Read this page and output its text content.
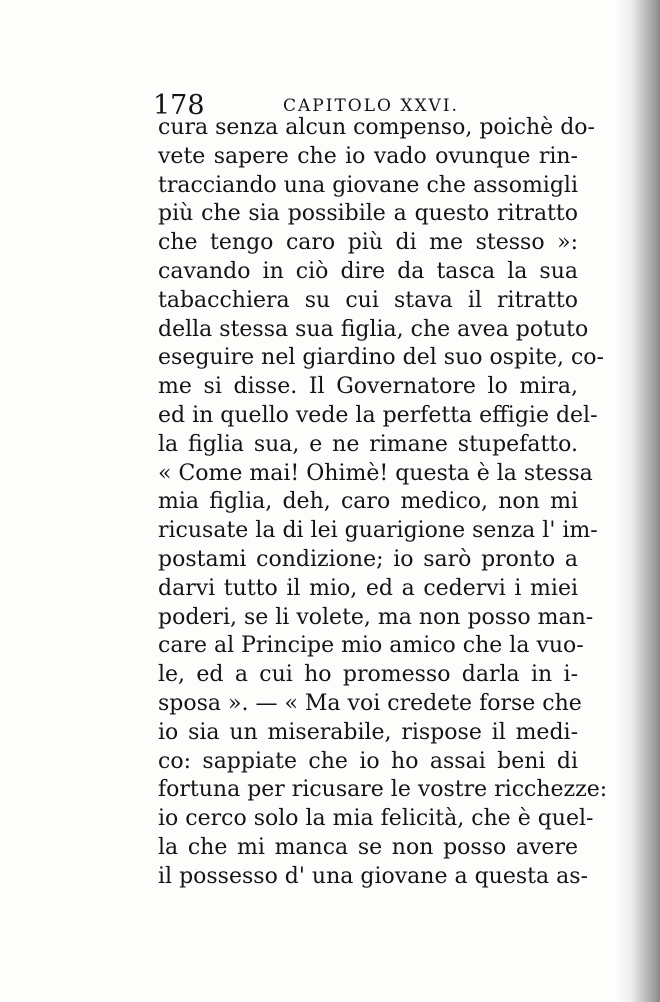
178	CAPITOLO XXVI.
cura senza alcun compenso, poichè do-
vete sapere che io vado ovunque rin-
tracciando una giovane che assomigli
più che sia possibile a questo ritratto
che tengo caro più di me stesso »:
cavando in ciò dire da tasca la sua
tabacchiera su cui stava il ritratto
della stessa sua figlia, che avea potuto
eseguire nel giardino del suo ospite, co-
me si disse. Il Governatore lo mira,
ed in quello vede la perfetta effigie del-
la figlia sua, e ne rimane stupefatto.
« Come mai! Ohimè! questa è la stessa
mia figlia, deh, caro medico, non mi
ricusate la di lei guarigione senza l' im-
postami condizione; io sarò pronto a
darvi tutto il mio, ed a cedervi i miei
poderi, se li volete, ma non posso man-
care al Principe mio amico che la vuo-
le, ed a cui ho promesso darla in i-
sposa ». — « Ma voi credete forse che
io sia un miserabile, rispose il medi-
co: sappiate che io ho assai beni di
fortuna per ricusare le vostre ricchezze:
io cerco solo la mia felicità, che è quel-
la che mi manca se non posso avere
il possesso d' una giovane a questa as-
